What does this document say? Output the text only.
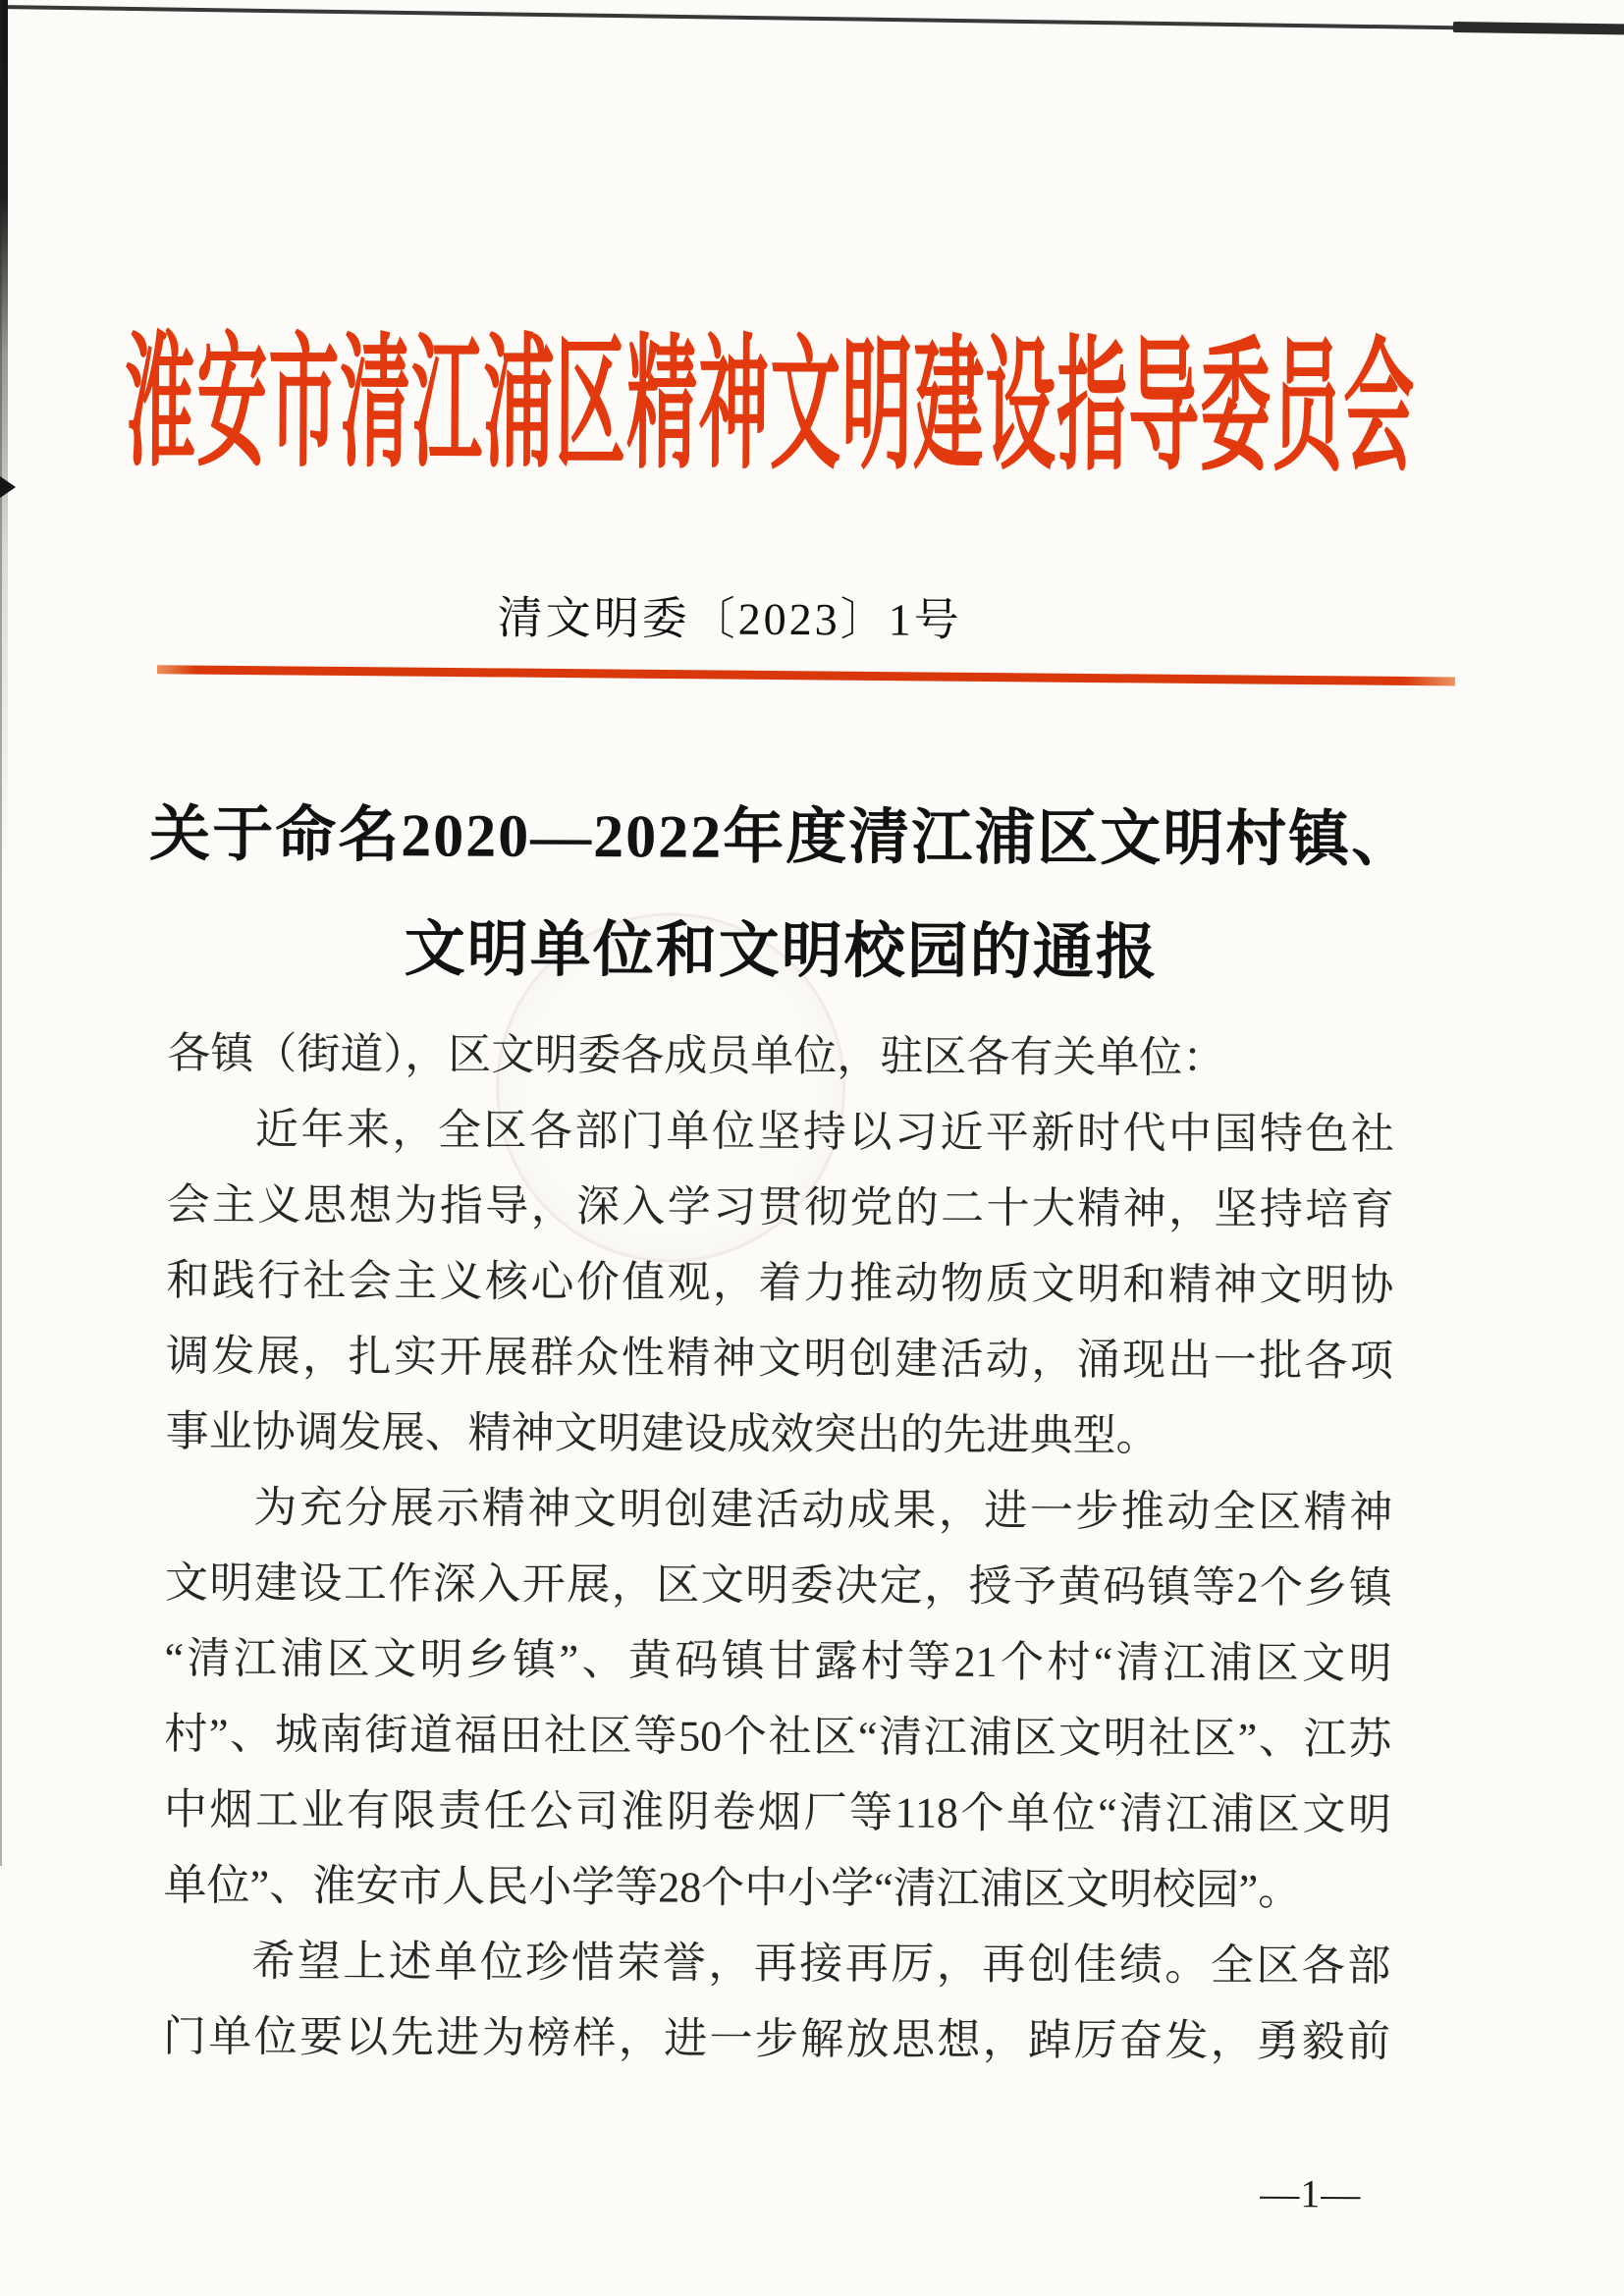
淮安市清江浦区精神文明建设指导委员会
清文明委〔2023〕1号
关于命名2020—2022年度清江浦区文明村镇、
文明单位和文明校园的通报
各镇（街道），区文明委各成员单位，驻区各有关单位：
近年来，全区各部门单位坚持以习近平新时代中国特色社
会主义思想为指导，深入学习贯彻党的二十大精神，坚持培育
和践行社会主义核心价值观，着力推动物质文明和精神文明协
调发展，扎实开展群众性精神文明创建活动，涌现出一批各项
事业协调发展、精神文明建设成效突出的先进典型。
为充分展示精神文明创建活动成果，进一步推动全区精神
文明建设工作深入开展，区文明委决定，授予黄码镇等2个乡镇
“清江浦区文明乡镇”、黄码镇甘露村等21个村“清江浦区文明
村”、城南街道福田社区等50个社区“清江浦区文明社区”、江苏
中烟工业有限责任公司淮阴卷烟厂等118个单位“清江浦区文明
单位”、淮安市人民小学等28个中小学“清江浦区文明校园”。
希望上述单位珍惜荣誉，再接再厉，再创佳绩。全区各部
门单位要以先进为榜样，进一步解放思想，踔厉奋发，勇毅前
—1—
